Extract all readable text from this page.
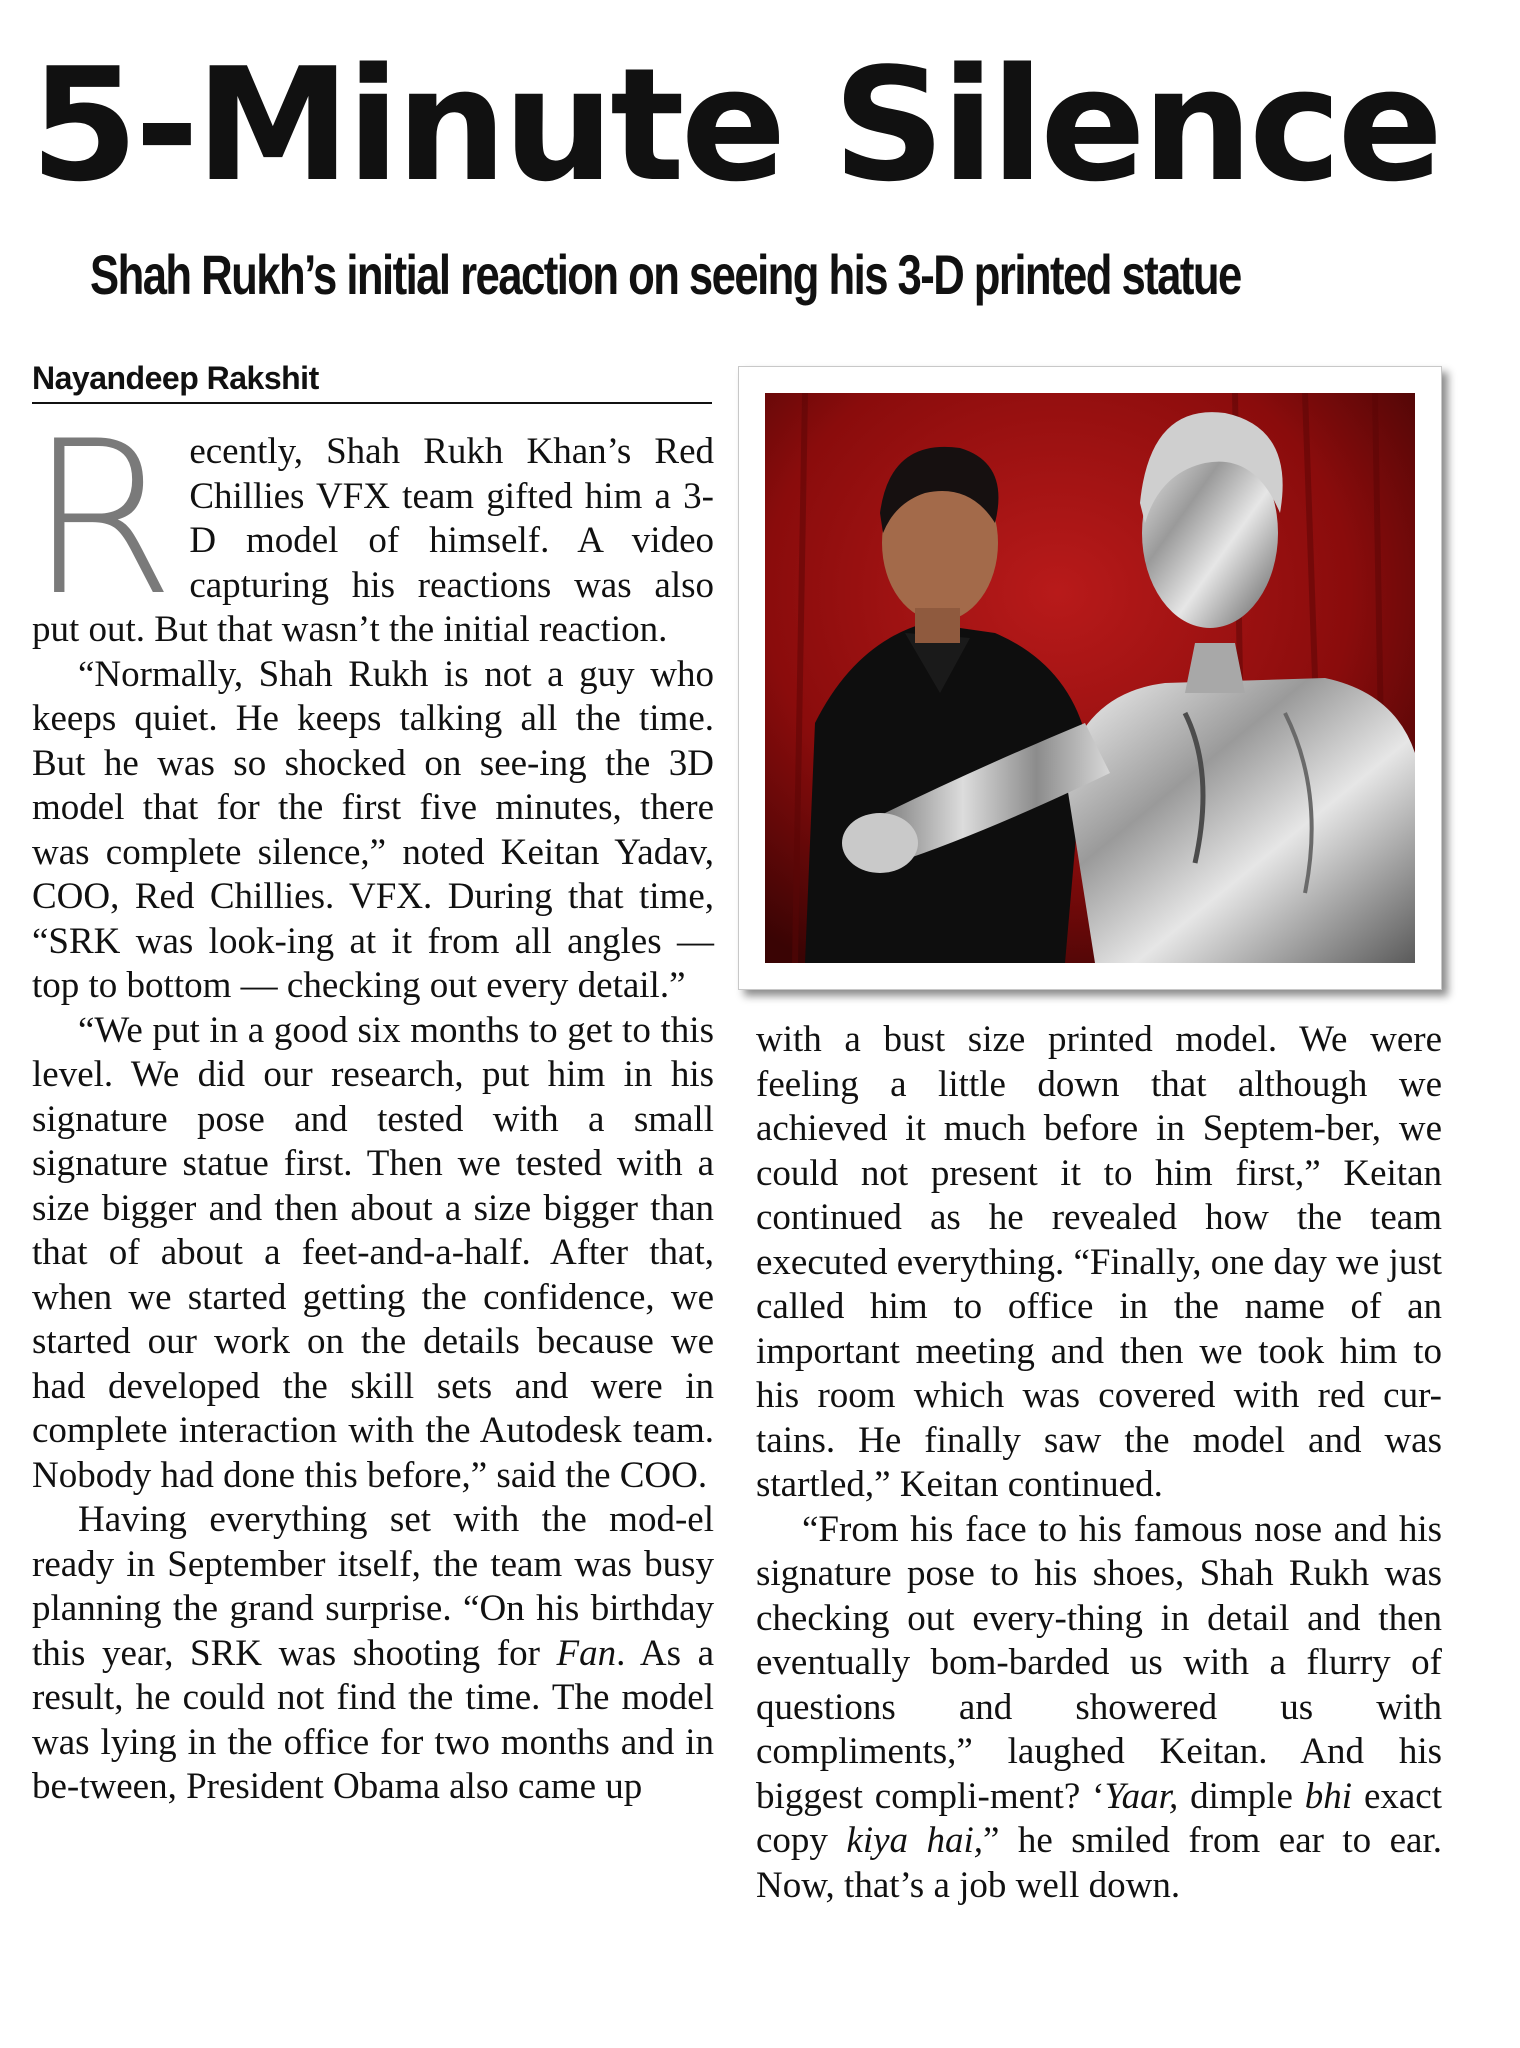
5-Minute Silence
Shah Rukh’s initial reaction on seeing his 3-D printed statue
Nayandeep Rakshit

Recently, Shah Rukh Khan’s Red Chillies VFX team gifted him a 3-D model of himself. A video capturing his reactions was also put out. But that wasn’t the initial reaction.

“Normally, Shah Rukh is not a guy who keeps quiet. He keeps talking all the time. But he was so shocked on see-ing the 3D model that for the first five minutes, there was complete silence,” noted Keitan Yadav, COO, Red Chillies. VFX. During that time, “SRK was look-ing at it from all angles — top to bottom — checking out every detail.”

“We put in a good six months to get to this level. We did our research, put him in his signature pose and tested with a small signature statue first. Then we tested with a size bigger and then about a size bigger than that of about a feet-and-a-half. After that, when we started getting the confidence, we started our work on the details because we had developed the skill sets and were in complete interaction with the Autodesk team. Nobody had done this before,” said the COO.

Having everything set with the mod-el ready in September itself, the team was busy planning the grand surprise. “On his birthday this year, SRK was shooting for Fan. As a result, he could not find the time. The model was lying in the office for two months and in be-tween, President Obama also came up

with a bust size printed model. We were feeling a little down that although we achieved it much before in Septem-ber, we could not present it to him first,” Keitan continued as he revealed how the team executed everything. “Finally, one day we just called him to office in the name of an important meeting and then we took him to his room which was covered with red cur-tains. He finally saw the model and was startled,” Keitan continued.

“From his face to his famous nose and his signature pose to his shoes, Shah Rukh was checking out every-thing in detail and then eventually bom-barded us with a flurry of questions and showered us with compliments,” laughed Keitan. And his biggest compli-ment? ‘Yaar, dimple bhi exact copy kiya hai,” he smiled from ear to ear. Now, that’s a job well down.
